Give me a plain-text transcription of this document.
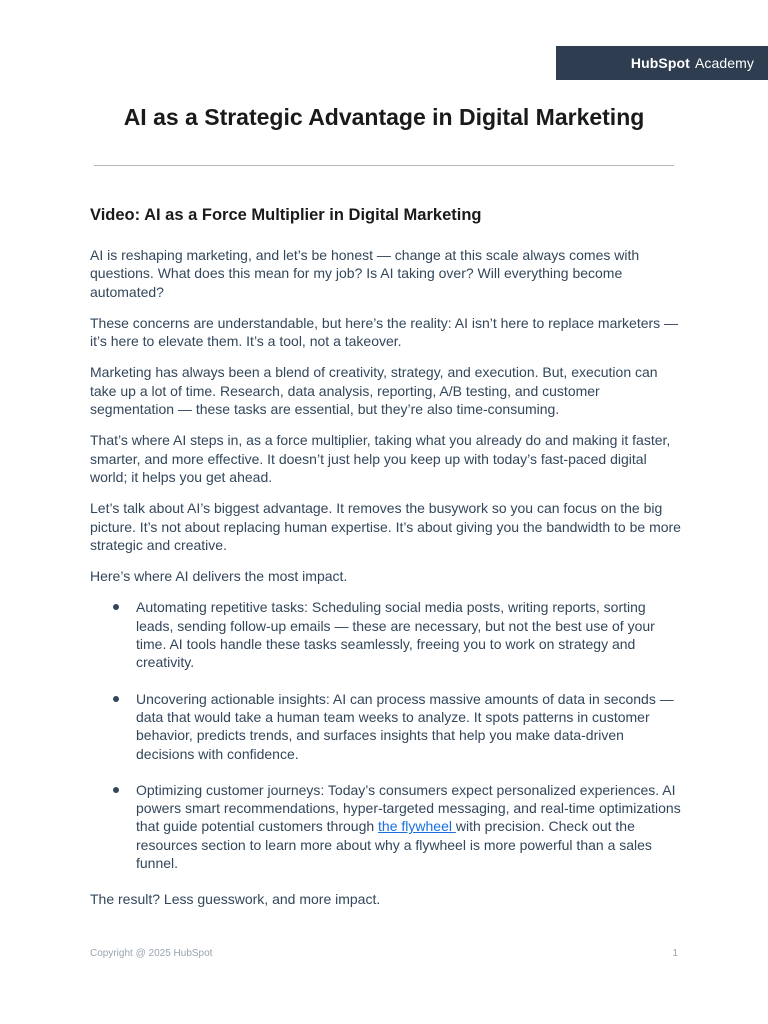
HubSpot Academy
AI as a Strategic Advantage in Digital Marketing
Video: AI as a Force Multiplier in Digital Marketing

AI is reshaping marketing, and let’s be honest — change at this scale always comes with questions. What does this mean for my job? Is AI taking over? Will everything become automated?

These concerns are understandable, but here’s the reality: AI isn’t here to replace marketers — it’s here to elevate them. It’s a tool, not a takeover.

Marketing has always been a blend of creativity, strategy, and execution. But, execution can take up a lot of time. Research, data analysis, reporting, A/B testing, and customer segmentation — these tasks are essential, but they’re also time-consuming.

That’s where AI steps in, as a force multiplier, taking what you already do and making it faster, smarter, and more effective. It doesn’t just help you keep up with today’s fast-paced digital world; it helps you get ahead.

Let’s talk about AI’s biggest advantage. It removes the busywork so you can focus on the big picture. It’s not about replacing human expertise. It’s about giving you the bandwidth to be more strategic and creative.

Here’s where AI delivers the most impact.

Automating repetitive tasks: Scheduling social media posts, writing reports, sorting leads, sending follow-up emails — these are necessary, but not the best use of your time. AI tools handle these tasks seamlessly, freeing you to work on strategy and creativity.
Uncovering actionable insights: AI can process massive amounts of data in seconds — data that would take a human team weeks to analyze. It spots patterns in customer behavior, predicts trends, and surfaces insights that help you make data-driven decisions with confidence.
Optimizing customer journeys: Today’s consumers expect personalized experiences. AI powers smart recommendations, hyper-targeted messaging, and real-time optimizations that guide potential customers through the flywheel with precision. Check out the resources section to learn more about why a flywheel is more powerful than a sales funnel.

The result? Less guesswork, and more impact.

Copyright @ 2025 HubSpot	1
